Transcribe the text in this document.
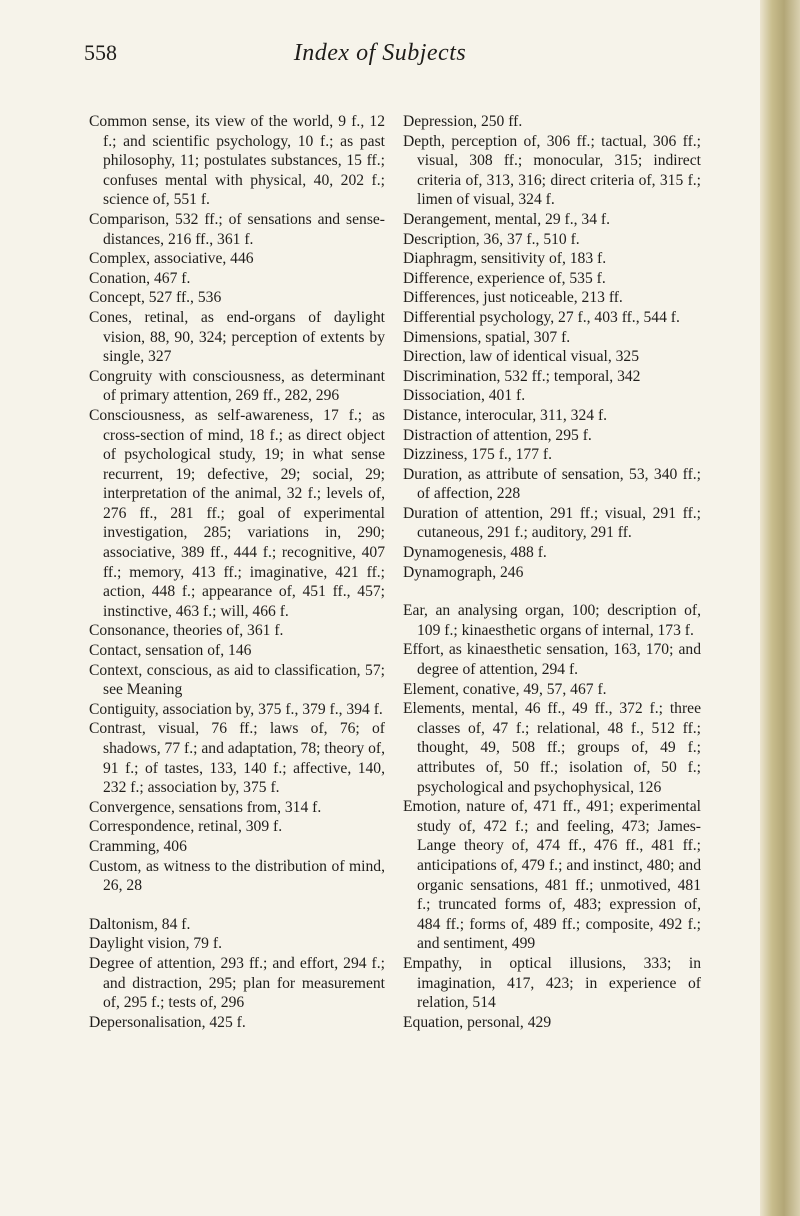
558	Index of Subjects
Common sense, its view of the world, 9 f., 12 f.; and scientific psychology, 10 f.; as past philosophy, 11; postulates substances, 15 ff.; confuses mental with physical, 40, 202 f.; science of, 551 f.
Comparison, 532 ff.; of sensations and sense-distances, 216 ff., 361 f.
Complex, associative, 446
Conation, 467 f.
Concept, 527 ff., 536
Cones, retinal, as end-organs of daylight vision, 88, 90, 324; perception of extents by single, 327
Congruity with consciousness, as determinant of primary attention, 269 ff., 282, 296
Consciousness, as self-awareness, 17 f.; as cross-section of mind, 18 f.; as direct object of psychological study, 19; in what sense recurrent, 19; defective, 29; social, 29; interpretation of the animal, 32 f.; levels of, 276 ff., 281 ff.; goal of experimental investigation, 285; variations in, 290; associative, 389 ff., 444 f.; recognitive, 407 ff.; memory, 413 ff.; imaginative, 421 ff.; action, 448 f.; appearance of, 451 ff., 457; instinctive, 463 f.; will, 466 f.
Consonance, theories of, 361 f.
Contact, sensation of, 146
Context, conscious, as aid to classification, 57; see Meaning
Contiguity, association by, 375 f., 379 f., 394 f.
Contrast, visual, 76 ff.; laws of, 76; of shadows, 77 f.; and adaptation, 78; theory of, 91 f.; of tastes, 133, 140 f.; affective, 140, 232 f.; association by, 375 f.
Convergence, sensations from, 314 f.
Correspondence, retinal, 309 f.
Cramming, 406
Custom, as witness to the distribution of mind, 26, 28
Daltonism, 84 f.
Daylight vision, 79 f.
Degree of attention, 293 ff.; and effort, 294 f.; and distraction, 295; plan for measurement of, 295 f.; tests of, 296
Depersonalisation, 425 f.
Depression, 250 ff.
Depth, perception of, 306 ff.; tactual, 306 ff.; visual, 308 ff.; monocular, 315; indirect criteria of, 313, 316; direct criteria of, 315 f.; limen of visual, 324 f.
Derangement, mental, 29 f., 34 f.
Description, 36, 37 f., 510 f.
Diaphragm, sensitivity of, 183 f.
Difference, experience of, 535 f.
Differences, just noticeable, 213 ff.
Differential psychology, 27 f., 403 ff., 544 f.
Dimensions, spatial, 307 f.
Direction, law of identical visual, 325
Discrimination, 532 ff.; temporal, 342
Dissociation, 401 f.
Distance, interocular, 311, 324 f.
Distraction of attention, 295 f.
Dizziness, 175 f., 177 f.
Duration, as attribute of sensation, 53, 340 ff.; of affection, 228
Duration of attention, 291 ff.; visual, 291 ff.; cutaneous, 291 f.; auditory, 291 ff.
Dynamogenesis, 488 f.
Dynamograph, 246
Ear, an analysing organ, 100; description of, 109 f.; kinaesthetic organs of internal, 173 f.
Effort, as kinaesthetic sensation, 163, 170; and degree of attention, 294 f.
Element, conative, 49, 57, 467 f.
Elements, mental, 46 ff., 49 ff., 372 f.; three classes of, 47 f.; relational, 48 f., 512 ff.; thought, 49, 508 ff.; groups of, 49 f.; attributes of, 50 ff.; isolation of, 50 f.; psychological and psychophysical, 126
Emotion, nature of, 471 ff., 491; experimental study of, 472 f.; and feeling, 473; James-Lange theory of, 474 ff., 476 ff., 481 ff.; anticipations of, 479 f.; and instinct, 480; and organic sensations, 481 ff.; unmotived, 481 f.; truncated forms of, 483; expression of, 484 ff.; forms of, 489 ff.; composite, 492 f.; and sentiment, 499
Empathy, in optical illusions, 333; in imagination, 417, 423; in experience of relation, 514
Equation, personal, 429
